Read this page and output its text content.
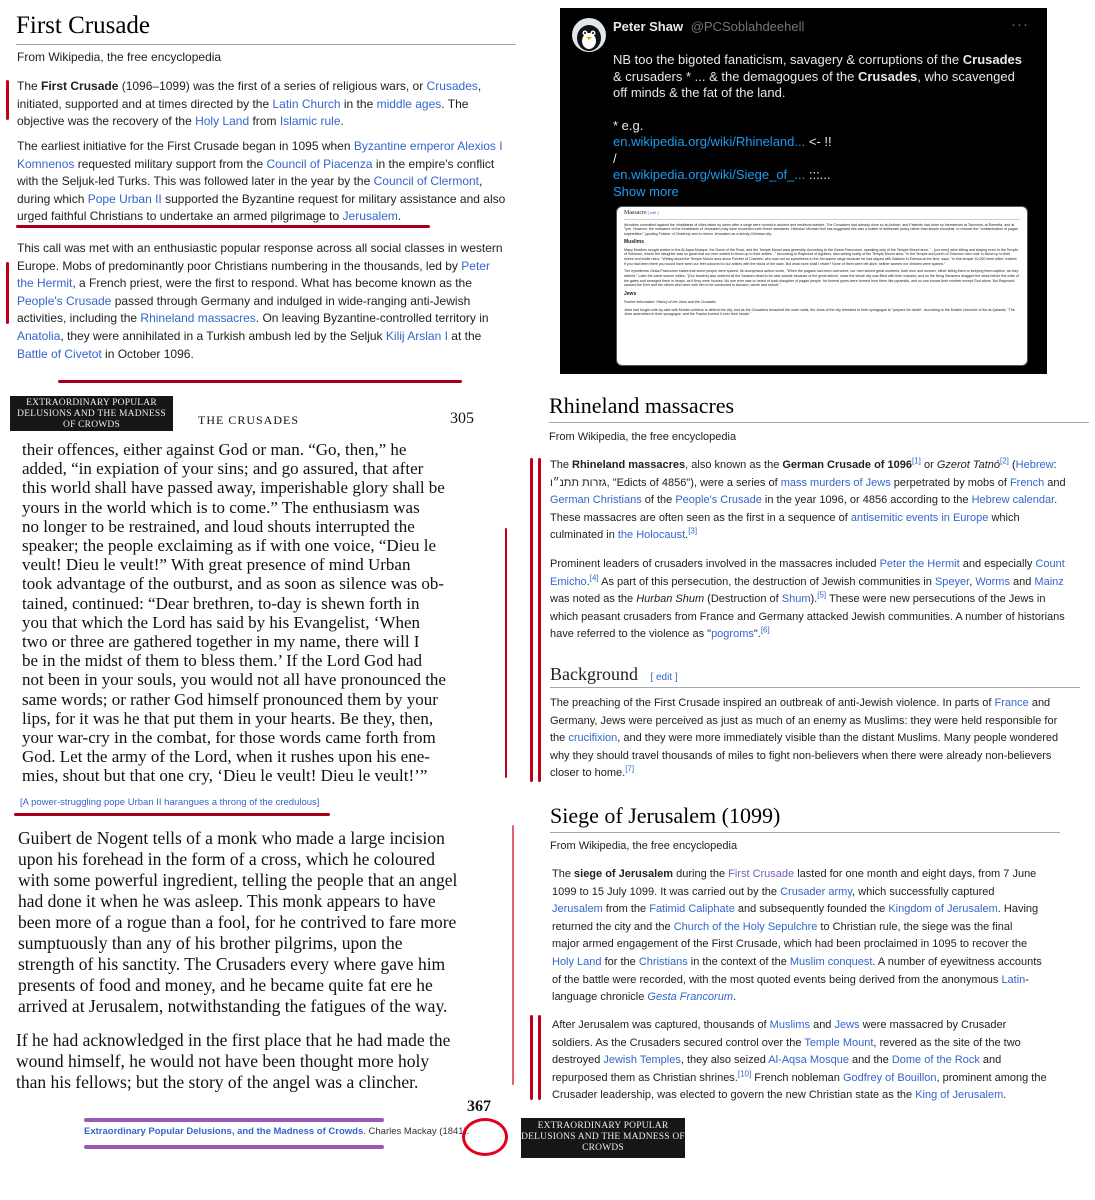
First Crusade
From Wikipedia, the free encyclopedia
The First Crusade (1096–1099) was the first of a series of religious wars, or Crusades, initiated, supported and at times directed by the Latin Church in the middle ages. The objective was the recovery of the Holy Land from Islamic rule.
The earliest initiative for the First Crusade began in 1095 when Byzantine emperor Alexios I Komnenos requested military support from the Council of Piacenza in the empire's conflict with the Seljuk-led Turks. This was followed later in the year by the Council of Clermont, during which Pope Urban II supported the Byzantine request for military assistance and also urged faithful Christians to undertake an armed pilgrimage to Jerusalem.
This call was met with an enthusiastic popular response across all social classes in western Europe. Mobs of predominantly poor Christians numbering in the thousands, led by Peter the Hermit, a French priest, were the first to respond. What has become known as the People's Crusade passed through Germany and indulged in wide-ranging anti-Jewish activities, including the Rhineland massacres. On leaving Byzantine-controlled territory in Anatolia, they were annihilated in a Turkish ambush led by the Seljuk Kilij Arslan I at the Battle of Civetot in October 1096.
Peter Shaw @PCSoblahdeehell	···
NB too the bigoted fanaticism, savagery & corruptions of the Crusades & crusaders * ... & the demagogues of the Crusades, who scavenged off minds & the fat of the land.
* e.g.
en.wikipedia.org/wiki/Rhineland... <- !!
/
en.wikipedia.org/wiki/Siege_of_... :::...
Show more

Massacre [ edit ]

Atrocities committed against the inhabitants of cities taken by storm after a siege were normal in ancient and medieval warfare. The Crusaders had already done so at Antioch, and Fatimids had done so themselves at Taormina, al-Rometta, and at Tyre. However, the massacre of the inhabitants of Jerusalem may have exceeded even these standards. Historian Michael Hull has suggested this was a matter of deliberate policy rather than simple bloodlust, to remove the "contamination of pagan superstition" (quoting Fulcher of Chartres) and to reform Jerusalem as a strictly Christian city.

Muslims

Many Muslims sought shelter in the Al-Aqsa Mosque, the Dome of the Rock, and the Temple Mount area generally. According to the Gesta Francorum, speaking only of the Temple Mount area, "...[our men] were killing and slaying even to the Temple of Solomon, where the slaughter was so great that our men waded in blood up to their ankles..." According to Raymond of Aguilers, also writing solely of the Temple Mount area, "in the Temple and porch of Solomon men rode in blood up to their knees and bridle reins." Writing about the Temple Mount area alone Fulcher of Chartres, who was not an eyewitness to the Jerusalem siege because he had stayed with Baldwin in Edessa at the time, says: "In this temple 10,000 were killed. Indeed, if you had been there you would have seen our feet coloured to our ankles with the blood of the slain. But what more shall I relate? None of them were left alive; neither women nor children were spared."

The eyewitness Gesta Francorum states that some people were spared. Its anonymous author wrote, "When the pagans had been overcome, our men seized great numbers, both men and women, either killing them or keeping them captive, as they wished." Later the same source writes, "[Our leaders] also ordered all the Saracen dead to be cast outside because of the great stench, since the whole city was filled with their corpses; and so the living Saracens dragged the dead before the exits of the gates and arranged them in heaps, as if they were houses. No one ever saw or heard of such slaughter of pagan people, for funeral pyres were formed from them like pyramids, and no one knows their number except God alone. But Raymond caused the Emir and the others who were with him to be conducted to Ascalon, whole and unhurt."

Jews

Further information: History of the Jews and the Crusades

Jews had fought side-by-side with Muslim soldiers to defend the city, and as the Crusaders breached the outer walls, the Jews of the city retreated to their synagogue to "prepare for death". According to the Muslim chronicle of Ibn al-Qalanisi, "The Jews assembled in their synagogue, and the Franks burned it over their heads."

EXTRAORDINARY POPULAR DELUSIONS AND THE MADNESS OF CROWDS	THE CRUSADES	305
their offences, either against God or man. “Go, then,” he
added, “in expiation of your sins; and go assured, that after
this world shall have passed away, imperishable glory shall be
yours in the world which is to come.” The enthusiasm was
no longer to be restrained, and loud shouts interrupted the
speaker; the people exclaiming as if with one voice, “Dieu le
veult! Dieu le veult!” With great presence of mind Urban
took advantage of the outburst, and as soon as silence was ob-
tained, continued: “Dear brethren, to-day is shewn forth in
you that which the Lord has said by his Evangelist, ‘When
two or three are gathered together in my name, there will I
be in the midst of them to bless them.’ If the Lord God had
not been in your souls, you would not all have pronounced the
same words; or rather God himself pronounced them by your
lips, for it was he that put them in your hearts. Be they, then,
your war-cry in the combat, for those words came forth from
God. Let the army of the Lord, when it rushes upon his ene-
mies, shout but that one cry, ‘Dieu le veult! Dieu le veult!’”
[A power-struggling pope Urban II harangues a throng of the credulous]
Guibert de Nogent tells of a monk who made a large incision
upon his forehead in the form of a cross, which he coloured
with some powerful ingredient, telling the people that an angel
had done it when he was asleep. This monk appears to have
been more of a rogue than a fool, for he contrived to fare more
sumptuously than any of his brother pilgrims, upon the
strength of his sanctity. The Crusaders every where gave him
presents of food and money, and he became quite fat ere he
arrived at Jerusalem, notwithstanding the fatigues of the way.
If he had acknowledged in the first place that he had made the
wound himself, he would not have been thought more holy
than his fellows; but the story of the angel was a clincher.
367
Extraordinary Popular Delusions, and the Madness of Crowds. Charles Mackay (1841).
Rhineland massacres
From Wikipedia, the free encyclopedia
The Rhineland massacres, also known as the German Crusade of 1096[1] or Gzerot Tatnó[2] (Hebrew: גזרות תתנ״ו, "Edicts of 4856"), were a series of mass murders of Jews perpetrated by mobs of French and German Christians of the People's Crusade in the year 1096, or 4856 according to the Hebrew calendar. These massacres are often seen as the first in a sequence of antisemitic events in Europe which culminated in the Holocaust.[3]
Prominent leaders of crusaders involved in the massacres included Peter the Hermit and especially Count Emicho.[4] As part of this persecution, the destruction of Jewish communities in Speyer, Worms and Mainz was noted as the Hurban Shum (Destruction of Shum).[5] These were new persecutions of the Jews in which peasant crusaders from France and Germany attacked Jewish communities. A number of historians have referred to the violence as "pogroms".[6]
Background [ edit ]
The preaching of the First Crusade inspired an outbreak of anti-Jewish violence. In parts of France and Germany, Jews were perceived as just as much of an enemy as Muslims: they were held responsible for the crucifixion, and they were more immediately visible than the distant Muslims. Many people wondered why they should travel thousands of miles to fight non-believers when there were already non-believers closer to home.[7]
Siege of Jerusalem (1099)
From Wikipedia, the free encyclopedia
The siege of Jerusalem during the First Crusade lasted for one month and eight days, from 7 June 1099 to 15 July 1099. It was carried out by the Crusader army, which successfully captured Jerusalem from the Fatimid Caliphate and subsequently founded the Kingdom of Jerusalem. Having returned the city and the Church of the Holy Sepulchre to Christian rule, the siege was the final major armed engagement of the First Crusade, which had been proclaimed in 1095 to recover the Holy Land for the Christians in the context of the Muslim conquest. A number of eyewitness accounts of the battle were recorded, with the most quoted events being derived from the anonymous Latin-language chronicle Gesta Francorum.
After Jerusalem was captured, thousands of Muslims and Jews were massacred by Crusader soldiers. As the Crusaders secured control over the Temple Mount, revered as the site of the two destroyed Jewish Temples, they also seized Al-Aqsa Mosque and the Dome of the Rock and repurposed them as Christian shrines.[10] French nobleman Godfrey of Bouillon, prominent among the Crusader leadership, was elected to govern the new Christian state as the King of Jerusalem.
EXTRAORDINARY POPULAR DELUSIONS AND THE MADNESS OF CROWDS
